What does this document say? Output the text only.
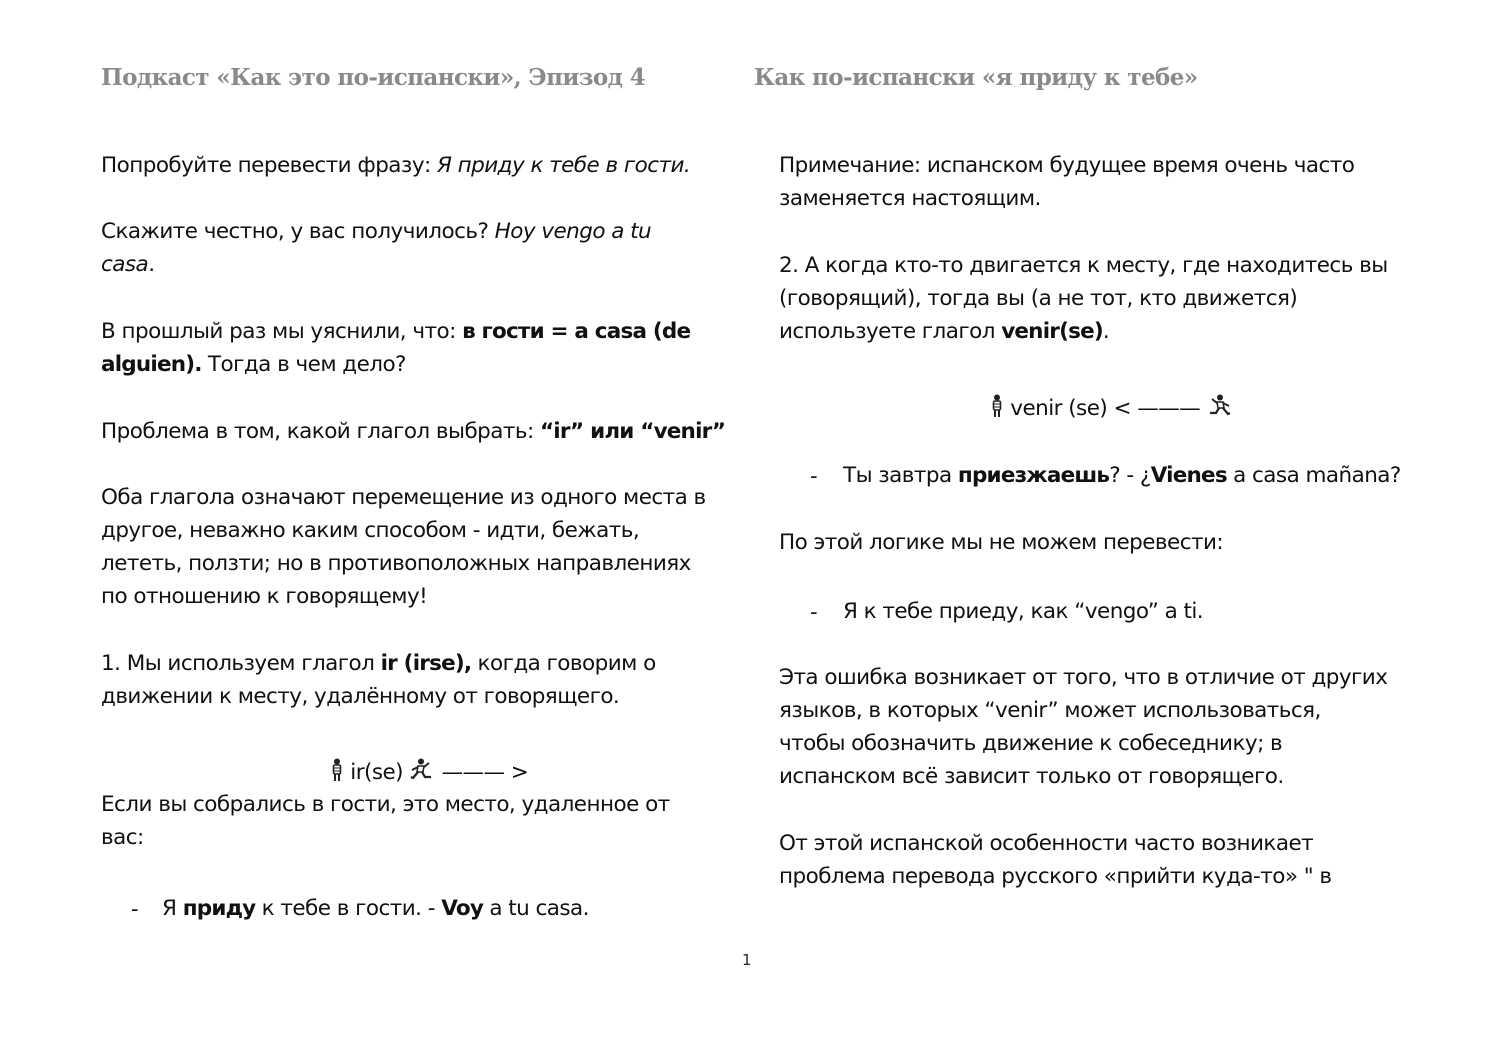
Подкаст «Как это по-испански», Эпизод 4
Попробуйте перевести фразу: Я приду к тебе в гости.
Скажите честно, у вас получилось? Hoy vengo a tu
casa.
В прошлый раз мы уяснили, что: в гости = a casa (de
alguien). Тогда в чем дело?
Проблема в том, какой глагол выбрать: “ir” или “venir”
Оба глагола означают перемещение из одного места в
другое, неважно каким способом - идти, бежать,
лететь, ползти; но в противоположных направлениях
по отношению к говорящему!
1. Мы используем глагол ir (irse), когда говорим о
движении к месту, удалённому от говорящего.
ir(se)  ——— >
Если вы собрались в гости, это место, удаленное от
вас:
- Я приду к тебе в гости. - Voy a tu casa.
Как по-испански «я приду к тебе»
Примечание: испанском будущее время очень часто
заменяется настоящим.
2. А когда кто-то двигается к месту, где находитесь вы
(говорящий), тогда вы (а не тот, кто движется)
используете глагол venir(se).
venir (se) < ———
- Ты завтра приезжаешь? - ¿Vienes a casa mañana?
По этой логике мы не можем перевести:
- Я к тебе приеду, как “vengo” a ti.
Эта ошибка возникает от того, что в отличие от других
языков, в которых “venir” может использоваться,
чтобы обозначить движение к собеседнику; в
испанском всё зависит только от говорящего.
От этой испанской особенности часто возникает
проблема перевода русского «прийти куда-то» " в
1
